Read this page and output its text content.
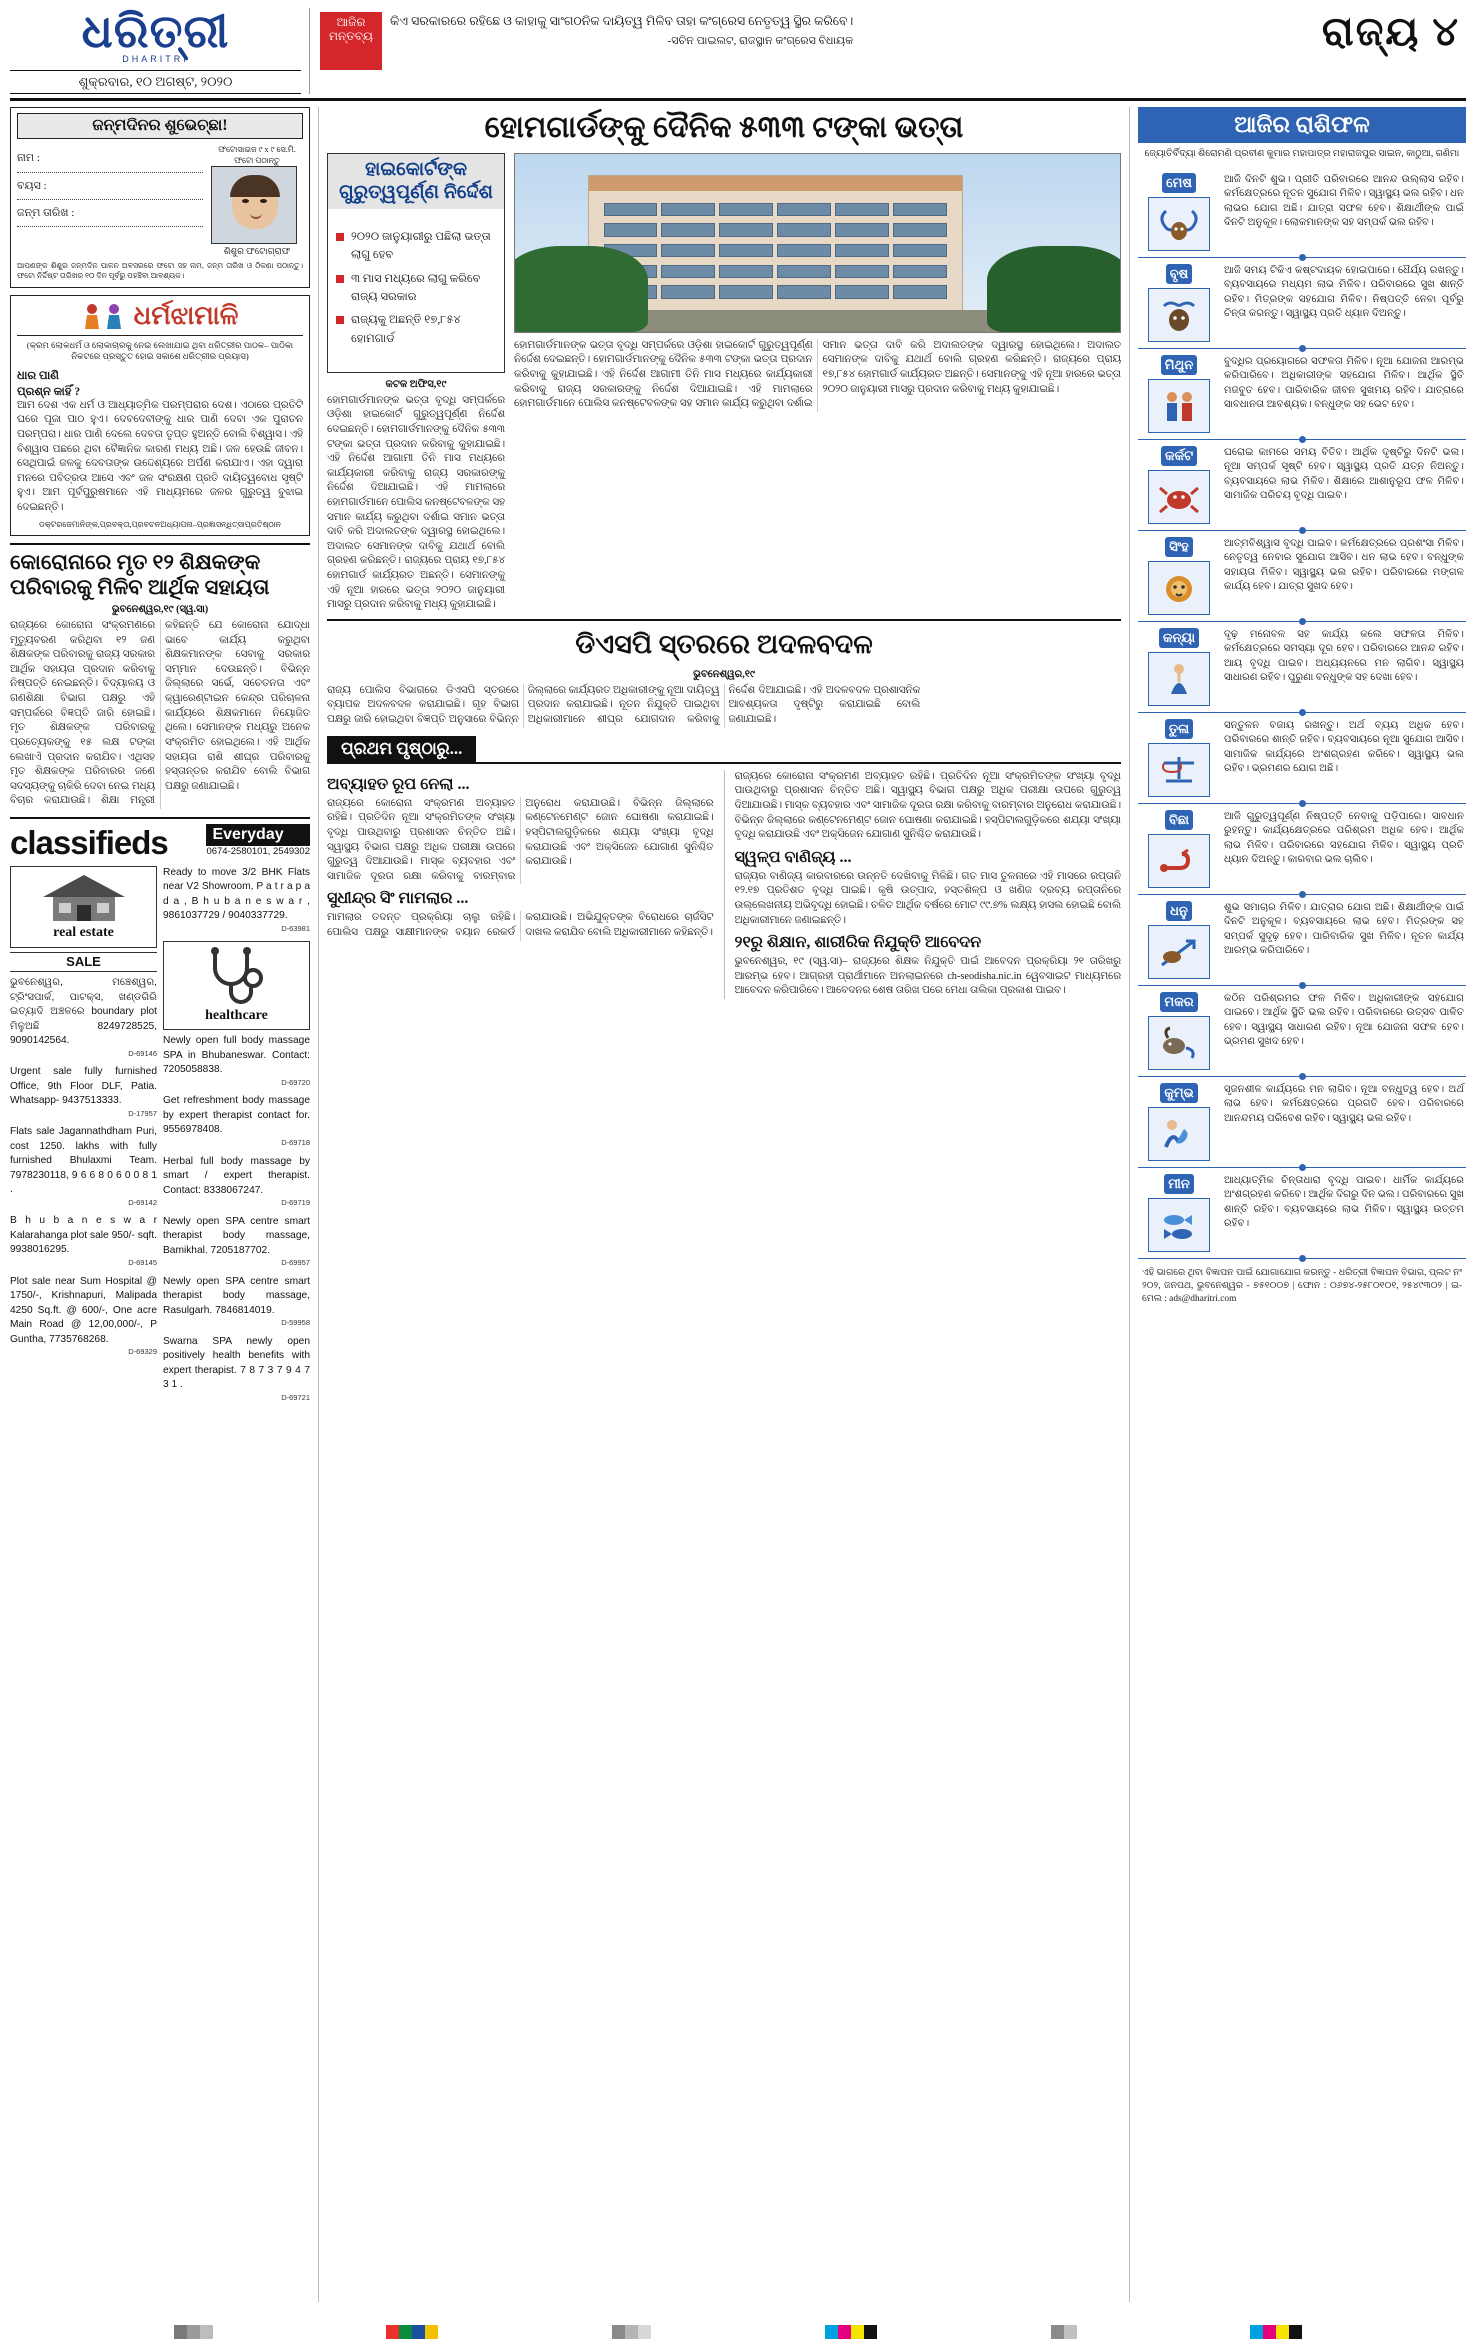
ଧରିତ୍ରୀ
DHARITRI
ଶୁକ୍ରବାର, ୧୦ ଅଗଷ୍ଟ, ୨୦୨୦
ଆଜିର ମନ୍ତବ୍ୟ
କିଏ ସରକାରରେ ରହିଛେ ଓ କାହାକୁ ସାଂଗଠନିକ ଦାୟିତ୍ୱ ମିଳିବ ତାହା କଂଗ୍ରେସ ନେତୃତ୍ୱ ସ୍ଥିର କରିବେ।
-ସଚିନ ପାଇଲଟ, ରାଜସ୍ଥାନ କଂଗ୍ରେସ ବିଧାୟକ	ରାଜ୍ୟ ୪
ଜନ୍ମଦିନର ଶୁଭେଚ୍ଛା!
ନାମ :
ବୟସ :
ଜନ୍ମ ତାରିଖ :
ଫଟୋସାଇଜ ୯ x ୯ ସେ.ମି. ଫଟୋ ପଠାନ୍ତୁ
ଶିଶୁର ଫଟୋଗ୍ରାଫ
ଆପଣଙ୍କ ଶିଶୁର ଜନ୍ମଦିନ ପାଳନ ଅବସରରେ ଫଟୋ ସହ ନାମ, ଜନ୍ମ ତାରିଖ ଓ ଠିକଣା ପଠାନ୍ତୁ। ଫଟୋ ନିର୍ଦ୍ଦିଷ୍ଟ ତାରିଖର ୧୦ ଦିନ ପୂର୍ବରୁ ପହଞ୍ଚିବା ଆବଶ୍ୟକ।
ଧର୍ମଝାମାଳି
(କ୍ରମ ଲୋକଧର୍ମ ଓ ଲୋକାଚାରକୁ ନେଇ ଲେଖାଯାଇ ଥିବା ଧରିତ୍ରୀର ପାଠକ– ପାଠିକା ନିକଟରେ ପ୍ରସ୍ତୁତ ହୋଇ ସକାଶେ ଧରିତ୍ରୀର ପ୍ରୟାସ)
ଧାର ପାଣି
ପ୍ରଶ୍ନ କାହିଁ ?
ଆମ ଦେଶ ଏକ ଧର୍ମ ଓ ଆଧ୍ୟାତ୍ମିକ ପରମ୍ପରାର ଦେଶ। ଏଠାରେ ପ୍ରତିଟି ଘରେ ପୂଜା ପାଠ ହୁଏ। ଦେବଦେବୀଙ୍କୁ ଧାର ପାଣି ଦେବା ଏକ ପୁରାତନ ପରମ୍ପରା। ଧାର ପାଣି ଦେଲେ ଦେବତା ତୃପ୍ତ ହୁଅନ୍ତି ବୋଲି ବିଶ୍ୱାସ। ଏହି ବିଶ୍ୱାସ ପଛରେ ଥିବା ବୈଜ୍ଞାନିକ କାରଣ ମଧ୍ୟ ଅଛି। ଜଳ ହେଉଛି ଜୀବନ। ସେଥିପାଇଁ ଜଳକୁ ଦେବତାଙ୍କ ଉଦ୍ଦେଶ୍ୟରେ ଅର୍ପଣ କରାଯାଏ। ଏହା ଦ୍ୱାରା ମନରେ ପବିତ୍ରତା ଆସେ ଏବଂ ଜଳ ସଂରକ୍ଷଣ ପ୍ରତି ଦାୟିତ୍ୱବୋଧ ସୃଷ୍ଟି ହୁଏ। ଆମ ପୂର୍ବପୁରୁଷମାନେ ଏହି ମାଧ୍ୟମରେ ଜଳର ଗୁରୁତ୍ୱ ବୁଝାଇ ଦେଇଛନ୍ତି।
ଡକ୍ଟରଜେମାନିଙ୍କ,ପ୍ରବକ୍ତା,ପ୍ରବଚନଅଧ୍ୟାପନା–ପ୍ରଜ୍ଞାସନ୍ଧିତ୍ସାପ୍ରତିଷ୍ଠାନ
କୋରୋନାରେ ମୃତ ୧୨ ଶିକ୍ଷକଙ୍କ ପରିବାରକୁ ମିଳିବ ଆର୍ଥିକ ସହାୟତା
ଭୁବନେଶ୍ୱର,୧୯ (ସ୍ୱ.ସା)
ରାଜ୍ୟରେ କୋରୋନା ସଂକ୍ରମଣରେ ମୃତ୍ୟୁବରଣ କରିଥିବା ୧୨ ଜଣ ଶିକ୍ଷକଙ୍କ ପରିବାରକୁ ରାଜ୍ୟ ସରକାର ଆର୍ଥିକ ସହାୟତା ପ୍ରଦାନ କରିବାକୁ ନିଷ୍ପତ୍ତି ନେଇଛନ୍ତି। ବିଦ୍ୟାଳୟ ଓ ଗଣଶିକ୍ଷା ବିଭାଗ ପକ୍ଷରୁ ଏହି ସମ୍ପର୍କରେ ବିଜ୍ଞପ୍ତି ଜାରି ହୋଇଛି। ମୃତ ଶିକ୍ଷକଙ୍କ ପରିବାରକୁ ପ୍ରତ୍ୟେକଙ୍କୁ ୧୫ ଲକ୍ଷ ଟଙ୍କା ଲେଖାଏଁ ପ୍ରଦାନ କରାଯିବ। ଏଥିସହ ମୃତ ଶିକ୍ଷକଙ୍କ ପରିବାରର ଜଣେ ସଦସ୍ୟଙ୍କୁ ଚାକିରି ଦେବା ନେଇ ମଧ୍ୟ ବିଚାର କରାଯାଉଛି। ଶିକ୍ଷା ମନ୍ତ୍ରୀ କହିଛନ୍ତି ଯେ କୋରୋନା ଯୋଦ୍ଧା ଭାବେ କାର୍ଯ୍ୟ କରୁଥିବା ଶିକ୍ଷକମାନଙ୍କ ସେବାକୁ ସରକାର ସମ୍ମାନ ଦେଉଛନ୍ତି। ବିଭିନ୍ନ ଜିଲ୍ଲାରେ ସର୍ଭେ, ସଚେତନତା ଏବଂ କ୍ୱାରେଣ୍ଟାଇନ କେନ୍ଦ୍ର ପରିଚାଳନା କାର୍ଯ୍ୟରେ ଶିକ୍ଷକମାନେ ନିୟୋଜିତ ଥିଲେ। ସେମାନଙ୍କ ମଧ୍ୟରୁ ଅନେକ ସଂକ୍ରମିତ ହୋଇଥିଲେ। ଏହି ଆର୍ଥିକ ସହାୟତା ରାଶି ଶୀଘ୍ର ପରିବାରକୁ ହସ୍ତାନ୍ତର କରାଯିବ ବୋଲି ବିଭାଗ ପକ୍ଷରୁ ଜଣାଯାଇଛି।
classifieds	Everyday
0674-2580101, 2549302
real estate
SALE
ଭୁବନେଶ୍ୱର, ମଞ୍ଚେଶ୍ୱର, ଟ୍ରିଂସପାର୍କ, ପାଟକ୍ସ, ଖଣ୍ଡଗିରି ଇତ୍ୟାଦି ଅଞ୍ଚଳରେ boundary plot ମିଳୁଅଛି 8249728525, 9090142564.
D-69146
Urgent sale fully furnished Office, 9th Floor DLF, Patia. Whatsapp- 9437513333.
D-17957
Flats sale Jagannathdham Puri, cost 1250. lakhs with fully furnished Bhulaxmi Team. 7978230118, 9 6 6 8 0 6 0 0 8 1 .
D-69142
B h u b a n e s w a r Kalarahanga plot sale 950/- sqft. 9938016295.
D-69145
Plot sale near Sum Hospital @ 1750/-, Krishnapuri, Malipada 4250 Sq.ft. @ 600/-, One acre Main Road @ 12,00,000/-, P Guntha, 7735768268.
D-69329
Ready to move 3/2 BHK Flats near V2 Showroom, P a t r a p a d a , B h u b a n e s w a r , 9861037729 / 9040337729.
D-63981
healthcare
Newly open full body massage SPA in Bhubaneswar. Contact: 7205058838.
D-69720
Get refreshment body massage by expert therapist contact for. 9556978408.
D-69718
Herbal full body massage by smart / expert therapist. Contact: 8338067247.
D-69719
Newly open SPA centre smart therapist body massage, Bamikhal. 7205187702.
D-69957
Newly open SPA centre smart therapist body massage, Rasulgarh. 7846814019.
D-59958
Swarna SPA newly open positively health benefits with expert therapist. 7 8 7 3 7 9 4 7 3 1 .
D-69721
ହୋମଗାର୍ଡଙ୍କୁ ଦୈନିକ ୫୩୩ ଟଙ୍କା ଭତ୍ତା
ହାଇକୋର୍ଟଙ୍କ ଗୁରୁତ୍ୱପୂର୍ଣ୍ଣ ନିର୍ଦ୍ଦେଶ
୨୦୨୦ ଜାନୁୟାରୀରୁ ପଛିଲା ଭତ୍ତା ଲାଗୁ ହେବ
୩ ମାସ ମଧ୍ୟରେ ଲାଗୁ କରିବେ ରାଜ୍ୟ ସରକାର
ରାଜ୍ୟକୁ ଅଛନ୍ତି ୧୭,୮୫୪ ହୋମଗାର୍ଡ
କଟକ ଅଫିସ,୧୯
ହୋମଗାର୍ଡମାନଙ୍କ ଭତ୍ତା ବୃଦ୍ଧି ସମ୍ପର୍କରେ ଓଡ଼ିଶା ହାଇକୋର୍ଟ ଗୁରୁତ୍ୱପୂର୍ଣ୍ଣ ନିର୍ଦ୍ଦେଶ ଦେଇଛନ୍ତି। ହୋମଗାର୍ଡମାନଙ୍କୁ ଦୈନିକ ୫୩୩ ଟଙ୍କା ଭତ୍ତା ପ୍ରଦାନ କରିବାକୁ କୁହାଯାଇଛି। ଏହି ନିର୍ଦ୍ଦେଶ ଆଗାମୀ ତିନି ମାସ ମଧ୍ୟରେ କାର୍ଯ୍ୟକାରୀ କରିବାକୁ ରାଜ୍ୟ ସରକାରଙ୍କୁ ନିର୍ଦ୍ଦେଶ ଦିଆଯାଇଛି। ଏହି ମାମଲାରେ ହୋମଗାର୍ଡମାନେ ପୋଲିସ କନଷ୍ଟେବଳଙ୍କ ସହ ସମାନ କାର୍ଯ୍ୟ କରୁଥିବା ଦର୍ଶାଇ ସମାନ ଭତ୍ତା ଦାବି କରି ଅଦାଲତଙ୍କ ଦ୍ୱାରସ୍ଥ ହୋଇଥିଲେ। ଅଦାଲତ ସେମାନଙ୍କ ଦାବିକୁ ଯଥାର୍ଥ ବୋଲି ଗ୍ରହଣ କରିଛନ୍ତି। ରାଜ୍ୟରେ ପ୍ରାୟ ୧୭,୮୫୪ ହୋମଗାର୍ଡ କାର୍ଯ୍ୟରତ ଅଛନ୍ତି। ସେମାନଙ୍କୁ ଏହି ନୂଆ ହାରରେ ଭତ୍ତା ୨୦୨୦ ଜାନୁୟାରୀ ମାସରୁ ପ୍ରଦାନ କରିବାକୁ ମଧ୍ୟ କୁହାଯାଇଛି।
ହୋମଗାର୍ଡମାନଙ୍କ ଭତ୍ତା ବୃଦ୍ଧି ସମ୍ପର୍କରେ ଓଡ଼ିଶା ହାଇକୋର୍ଟ ଗୁରୁତ୍ୱପୂର୍ଣ୍ଣ ନିର୍ଦ୍ଦେଶ ଦେଇଛନ୍ତି। ହୋମଗାର୍ଡମାନଙ୍କୁ ଦୈନିକ ୫୩୩ ଟଙ୍କା ଭତ୍ତା ପ୍ରଦାନ କରିବାକୁ କୁହାଯାଇଛି। ଏହି ନିର୍ଦ୍ଦେଶ ଆଗାମୀ ତିନି ମାସ ମଧ୍ୟରେ କାର୍ଯ୍ୟକାରୀ କରିବାକୁ ରାଜ୍ୟ ସରକାରଙ୍କୁ ନିର୍ଦ୍ଦେଶ ଦିଆଯାଇଛି। ଏହି ମାମଲାରେ ହୋମଗାର୍ଡମାନେ ପୋଲିସ କନଷ୍ଟେବଳଙ୍କ ସହ ସମାନ କାର୍ଯ୍ୟ କରୁଥିବା ଦର୍ଶାଇ ସମାନ ଭତ୍ତା ଦାବି କରି ଅଦାଲତଙ୍କ ଦ୍ୱାରସ୍ଥ ହୋଇଥିଲେ। ଅଦାଲତ ସେମାନଙ୍କ ଦାବିକୁ ଯଥାର୍ଥ ବୋଲି ଗ୍ରହଣ କରିଛନ୍ତି। ରାଜ୍ୟରେ ପ୍ରାୟ ୧୭,୮୫୪ ହୋମଗାର୍ଡ କାର୍ଯ୍ୟରତ ଅଛନ୍ତି। ସେମାନଙ୍କୁ ଏହି ନୂଆ ହାରରେ ଭତ୍ତା ୨୦୨୦ ଜାନୁୟାରୀ ମାସରୁ ପ୍ରଦାନ କରିବାକୁ ମଧ୍ୟ କୁହାଯାଇଛି।
ଡିଏସପି ସ୍ତରରେ ଅଦଳବଦଳ
ଭୁବନେଶ୍ୱର,୧୯
ରାଜ୍ୟ ପୋଲିସ ବିଭାଗରେ ଡିଏସପି ସ୍ତରରେ ବ୍ୟାପକ ଅଦଳବଦଳ କରାଯାଇଛି। ଗୃହ ବିଭାଗ ପକ୍ଷରୁ ଜାରି ହୋଇଥିବା ବିଜ୍ଞପ୍ତି ଅନୁସାରେ ବିଭିନ୍ନ ଜିଲ୍ଲାରେ କାର୍ଯ୍ୟରତ ଅଧିକାରୀଙ୍କୁ ନୂଆ ଦାୟିତ୍ୱ ପ୍ରଦାନ କରାଯାଇଛି। ନୂତନ ନିଯୁକ୍ତି ପାଇଥିବା ଅଧିକାରୀମାନେ ଶୀଘ୍ର ଯୋଗଦାନ କରିବାକୁ ନିର୍ଦ୍ଦେଶ ଦିଆଯାଇଛି। ଏହି ଅଦଳବଦଳ ପ୍ରଶାସନିକ ଆବଶ୍ୟକତା ଦୃଷ୍ଟିରୁ କରାଯାଇଛି ବୋଲି ଜଣାଯାଇଛି।
ପ୍ରଥମ ପୃଷ୍ଠାରୁ...
ଅବ୍ୟାହତ ରୂପ ନେଲା ...
ରାଜ୍ୟରେ କୋରୋନା ସଂକ୍ରମଣ ଅବ୍ୟାହତ ରହିଛି। ପ୍ରତିଦିନ ନୂଆ ସଂକ୍ରମିତଙ୍କ ସଂଖ୍ୟା ବୃଦ୍ଧି ପାଉଥିବାରୁ ପ୍ରଶାସନ ଚିନ୍ତିତ ଅଛି। ସ୍ୱାସ୍ଥ୍ୟ ବିଭାଗ ପକ୍ଷରୁ ଅଧିକ ପରୀକ୍ଷା ଉପରେ ଗୁରୁତ୍ୱ ଦିଆଯାଉଛି। ମାସ୍କ ବ୍ୟବହାର ଏବଂ ସାମାଜିକ ଦୂରତା ରକ୍ଷା କରିବାକୁ ବାରମ୍ବାର ଅନୁରୋଧ କରାଯାଉଛି। ବିଭିନ୍ନ ଜିଲ୍ଲାରେ କଣ୍ଟେନମେଣ୍ଟ ଜୋନ ଘୋଷଣା କରାଯାଇଛି। ହସ୍ପିଟାଲଗୁଡ଼ିକରେ ଶଯ୍ୟା ସଂଖ୍ୟା ବୃଦ୍ଧି କରାଯାଉଛି ଏବଂ ଅକ୍ସିଜେନ ଯୋଗାଣ ସୁନିଶ୍ଚିତ କରାଯାଉଛି।
ସୁଧୀନ୍ଦ୍ର ସିଂ ମାମଲାର ...
ମାମଲାର ତଦନ୍ତ ପ୍ରକ୍ରିୟା ଚାଲୁ ରହିଛି। ପୋଲିସ ପକ୍ଷରୁ ସାକ୍ଷୀମାନଙ୍କ ବୟାନ ରେକର୍ଡ କରାଯାଉଛି। ଅଭିଯୁକ୍ତଙ୍କ ବିରୋଧରେ ଚାର୍ଜସିଟ ଦାଖଲ କରାଯିବ ବୋଲି ଅଧିକାରୀମାନେ କହିଛନ୍ତି।
ରାଜ୍ୟରେ କୋରୋନା ସଂକ୍ରମଣ ଅବ୍ୟାହତ ରହିଛି। ପ୍ରତିଦିନ ନୂଆ ସଂକ୍ରମିତଙ୍କ ସଂଖ୍ୟା ବୃଦ୍ଧି ପାଉଥିବାରୁ ପ୍ରଶାସନ ଚିନ୍ତିତ ଅଛି। ସ୍ୱାସ୍ଥ୍ୟ ବିଭାଗ ପକ୍ଷରୁ ଅଧିକ ପରୀକ୍ଷା ଉପରେ ଗୁରୁତ୍ୱ ଦିଆଯାଉଛି। ମାସ୍କ ବ୍ୟବହାର ଏବଂ ସାମାଜିକ ଦୂରତା ରକ୍ଷା କରିବାକୁ ବାରମ୍ବାର ଅନୁରୋଧ କରାଯାଉଛି। ବିଭିନ୍ନ ଜିଲ୍ଲାରେ କଣ୍ଟେନମେଣ୍ଟ ଜୋନ ଘୋଷଣା କରାଯାଇଛି। ହସ୍ପିଟାଲଗୁଡ଼ିକରେ ଶଯ୍ୟା ସଂଖ୍ୟା ବୃଦ୍ଧି କରାଯାଉଛି ଏବଂ ଅକ୍ସିଜେନ ଯୋଗାଣ ସୁନିଶ୍ଚିତ କରାଯାଉଛି।
ସ୍ୱଳ୍ପ ବାଣିଜ୍ୟ ...
ରାଜ୍ୟର ବାଣିଜ୍ୟ କାରବାରରେ ଉନ୍ନତି ଦେଖିବାକୁ ମିଳିଛି। ଗତ ମାସ ତୁଳନାରେ ଏହି ମାସରେ ରପ୍ତାନି ୧୨.୧୭ ପ୍ରତିଶତ ବୃଦ୍ଧି ପାଇଛି। କୃଷି ଉତ୍ପାଦ, ହସ୍ତଶିଳ୍ପ ଓ ଖଣିଜ ଦ୍ରବ୍ୟ ରପ୍ତାନିରେ ଉଲ୍ଲେଖନୀୟ ଅଭିବୃଦ୍ଧି ହୋଇଛି। ଚଳିତ ଆର୍ଥିକ ବର୍ଷରେ ମୋଟ ୯୯.୭% ଲକ୍ଷ୍ୟ ହାସଲ ହୋଇଛି ବୋଲି ଅଧିକାରୀମାନେ ଜଣାଇଛନ୍ତି।
୨୧ରୁ ଶିକ୍ଷାନ, ଶାରୀରିକ ନିଯୁକ୍ତି ଆବେଦନ
ଭୁବନେଶ୍ୱର, ୧୯ (ସ୍ୱ.ସା)– ରାଜ୍ୟରେ ଶିକ୍ଷକ ନିଯୁକ୍ତି ପାଇଁ ଆବେଦନ ପ୍ରକ୍ରିୟା ୨୧ ତାରିଖରୁ ଆରମ୍ଭ ହେବ। ଆଗ୍ରହୀ ପ୍ରାର୍ଥୀମାନେ ଅନଲାଇନରେ ch-seodisha.nic.in ୱେବସାଇଟ ମାଧ୍ୟମରେ ଆବେଦନ କରିପାରିବେ। ଆବେଦନର ଶେଷ ତାରିଖ ପରେ ମେଧା ତାଲିକା ପ୍ରକାଶ ପାଇବ।
ଆଜିର ରାଶିଫଳ
ଜ୍ୟୋତିର୍ବିଦ୍ୟା ଶିରୋମଣି ପ୍ରବୀଣ କୁମାର ମହାପାତ୍ର ମହାରାଜପୁର ସାଇନ, କାଠୁଆ, ଗଣିମା
ମେଷ	ଆଜି ଦିନଟି ଶୁଭ। ପ୍ରୀତି ପରିବାରରେ ଆନନ୍ଦ ଉଲ୍ଲାସ ରହିବ। କର୍ମକ୍ଷେତ୍ରରେ ନୂତନ ସୁଯୋଗ ମିଳିବ। ସ୍ୱାସ୍ଥ୍ୟ ଭଲ ରହିବ। ଧନ ଲାଭର ଯୋଗ ଅଛି। ଯାତ୍ରା ସଫଳ ହେବ। ଶିକ୍ଷାର୍ଥୀଙ୍କ ପାଇଁ ଦିନଟି ଅନୁକୂଳ। ଲୋକମାନଙ୍କ ସହ ସମ୍ପର୍କ ଭଲ ରହିବ।
ବୃଷ	ଆଜି ସମୟ ଟିକିଏ କଷ୍ଟଦାୟକ ହୋଇପାରେ। ଧୈର୍ଯ୍ୟ ରଖନ୍ତୁ। ବ୍ୟବସାୟରେ ମଧ୍ୟମ ଲାଭ ମିଳିବ। ପରିବାରରେ ସୁଖ ଶାନ୍ତି ରହିବ। ମିତ୍ରଙ୍କ ସହଯୋଗ ମିଳିବ। ନିଷ୍ପତ୍ତି ନେବା ପୂର୍ବରୁ ଚିନ୍ତା କରନ୍ତୁ। ସ୍ୱାସ୍ଥ୍ୟ ପ୍ରତି ଧ୍ୟାନ ଦିଅନ୍ତୁ।
ମିଥୁନ	ବୁଦ୍ଧିର ପ୍ରୟୋଗରେ ସଫଳତା ମିଳିବ। ନୂଆ ଯୋଜନା ଆରମ୍ଭ କରିପାରିବେ। ଅଧିକାରୀଙ୍କ ସହଯୋଗ ମିଳିବ। ଆର୍ଥିକ ସ୍ଥିତି ମଜବୁତ ହେବ। ପାରିବାରିକ ଜୀବନ ସୁଖମୟ ରହିବ। ଯାତ୍ରାରେ ସାବଧାନତା ଆବଶ୍ୟକ। ବନ୍ଧୁଙ୍କ ସହ ଭେଟ ହେବ।
କର୍କଟ	ଘରୋଇ କାମରେ ସମୟ ବିତିବ। ଆର୍ଥିକ ଦୃଷ୍ଟିରୁ ଦିନଟି ଭଲ। ନୂଆ ସମ୍ପର୍କ ସୃଷ୍ଟି ହେବ। ସ୍ୱାସ୍ଥ୍ୟ ପ୍ରତି ଯତ୍ନ ନିଅନ୍ତୁ। ବ୍ୟବସାୟରେ ଲାଭ ମିଳିବ। ଶିକ୍ଷାରେ ଆଶାନୁରୂପ ଫଳ ମିଳିବ। ସାମାଜିକ ପରିଚୟ ବୃଦ୍ଧି ପାଇବ।
ସିଂହ	ଆତ୍ମବିଶ୍ୱାସ ବୃଦ୍ଧି ପାଇବ। କର୍ମକ୍ଷେତ୍ରରେ ପ୍ରଶଂସା ମିଳିବ। ନେତୃତ୍ୱ ନେବାର ସୁଯୋଗ ଆସିବ। ଧନ ଲାଭ ହେବ। ବନ୍ଧୁଙ୍କ ସହାୟତା ମିଳିବ। ସ୍ୱାସ୍ଥ୍ୟ ଭଲ ରହିବ। ପରିବାରରେ ମଙ୍ଗଳ କାର୍ଯ୍ୟ ହେବ। ଯାତ୍ରା ସୁଖଦ ହେବ।
କନ୍ୟା	ଦୃଢ଼ ମନୋବଳ ସହ କାର୍ଯ୍ୟ କଲେ ସଫଳତା ମିଳିବ। କର୍ମକ୍ଷେତ୍ରରେ ସମସ୍ୟା ଦୂର ହେବ। ପରିବାରରେ ଆନନ୍ଦ ରହିବ। ଆୟ ବୃଦ୍ଧି ପାଇବ। ଅଧ୍ୟୟନରେ ମନ ଲାଗିବ। ସ୍ୱାସ୍ଥ୍ୟ ସାଧାରଣ ରହିବ। ପୁରୁଣା ବନ୍ଧୁଙ୍କ ସହ ଦେଖା ହେବ।
ତୁଳା	ସନ୍ତୁଳନ ବଜାୟ ରଖନ୍ତୁ। ଅର୍ଥ ବ୍ୟୟ ଅଧିକ ହେବ। ପରିବାରରେ ଶାନ୍ତି ରହିବ। ବ୍ୟବସାୟରେ ନୂଆ ସୁଯୋଗ ଆସିବ। ସାମାଜିକ କାର୍ଯ୍ୟରେ ଅଂଶଗ୍ରହଣ କରିବେ। ସ୍ୱାସ୍ଥ୍ୟ ଭଲ ରହିବ। ଭ୍ରମଣର ଯୋଗ ଅଛି।
ବିଛା	ଆଜି ଗୁରୁତ୍ୱପୂର୍ଣ୍ଣ ନିଷ୍ପତ୍ତି ନେବାକୁ ପଡ଼ିପାରେ। ସାବଧାନ ରୁହନ୍ତୁ। କାର୍ଯ୍ୟକ୍ଷେତ୍ରରେ ପରିଶ୍ରମ ଅଧିକ ହେବ। ଆର୍ଥିକ ଲାଭ ମିଳିବ। ପରିବାରରେ ସହଯୋଗ ମିଳିବ। ସ୍ୱାସ୍ଥ୍ୟ ପ୍ରତି ଧ୍ୟାନ ଦିଅନ୍ତୁ। କାରବାର ଭଲ ଚାଲିବ।
ଧନୁ	ଶୁଭ ସମାଚାର ମିଳିବ। ଯାତ୍ରାର ଯୋଗ ଅଛି। ଶିକ୍ଷାର୍ଥୀଙ୍କ ପାଇଁ ଦିନଟି ଅନୁକୂଳ। ବ୍ୟବସାୟରେ ଲାଭ ହେବ। ମିତ୍ରଙ୍କ ସହ ସମ୍ପର୍କ ସୁଦୃଢ଼ ହେବ। ପାରିବାରିକ ସୁଖ ମିଳିବ। ନୂତନ କାର୍ଯ୍ୟ ଆରମ୍ଭ କରିପାରିବେ।
ମକର	କଠିନ ପରିଶ୍ରମର ଫଳ ମିଳିବ। ଅଧିକାରୀଙ୍କ ସହଯୋଗ ପାଇବେ। ଆର୍ଥିକ ସ୍ଥିତି ଭଲ ରହିବ। ପରିବାରରେ ଉତ୍ସବ ପାଳିତ ହେବ। ସ୍ୱାସ୍ଥ୍ୟ ସାଧାରଣ ରହିବ। ନୂଆ ଯୋଜନା ସଫଳ ହେବ। ଭ୍ରମଣ ସୁଖଦ ହେବ।
କୁମ୍ଭ	ସୃଜନଶୀଳ କାର୍ଯ୍ୟରେ ମନ ଲାଗିବ। ନୂଆ ବନ୍ଧୁତ୍ୱ ହେବ। ଅର୍ଥ ଲାଭ ହେବ। କର୍ମକ୍ଷେତ୍ରରେ ପ୍ରଗତି ହେବ। ପରିବାରରେ ଆନନ୍ଦମୟ ପରିବେଶ ରହିବ। ସ୍ୱାସ୍ଥ୍ୟ ଭଲ ରହିବ।
ମୀନ	ଆଧ୍ୟାତ୍ମିକ ଚିନ୍ତାଧାରା ବୃଦ୍ଧି ପାଇବ। ଧାର୍ମିକ କାର୍ଯ୍ୟରେ ଅଂଶଗ୍ରହଣ କରିବେ। ଆର୍ଥିକ ଦିଗରୁ ଦିନ ଭଲ। ପରିବାରରେ ସୁଖ ଶାନ୍ତି ରହିବ। ବ୍ୟବସାୟରେ ଲାଭ ମିଳିବ। ସ୍ୱାସ୍ଥ୍ୟ ଉତ୍ତମ ରହିବ।
ଏହି ଭାଗରେ ଥିବା ବିଜ୍ଞାପନ ପାଇଁ ଯୋଗାଯୋଗ କରନ୍ତୁ - ଧରିତ୍ରୀ ବିଜ୍ଞାପନ ବିଭାଗ, ପ୍ଲଟ ନଂ ୨୦୨, ଜନପଥ, ଭୁବନେଶ୍ୱର - ୭୫୧୦୦୭ | ଫୋନ : ୦୬୭୪-୨୫୮୦୧୦୧, ୨୫୪୯୩୦୨ | ଇ-ମେଲ : ads@dharitri.com
